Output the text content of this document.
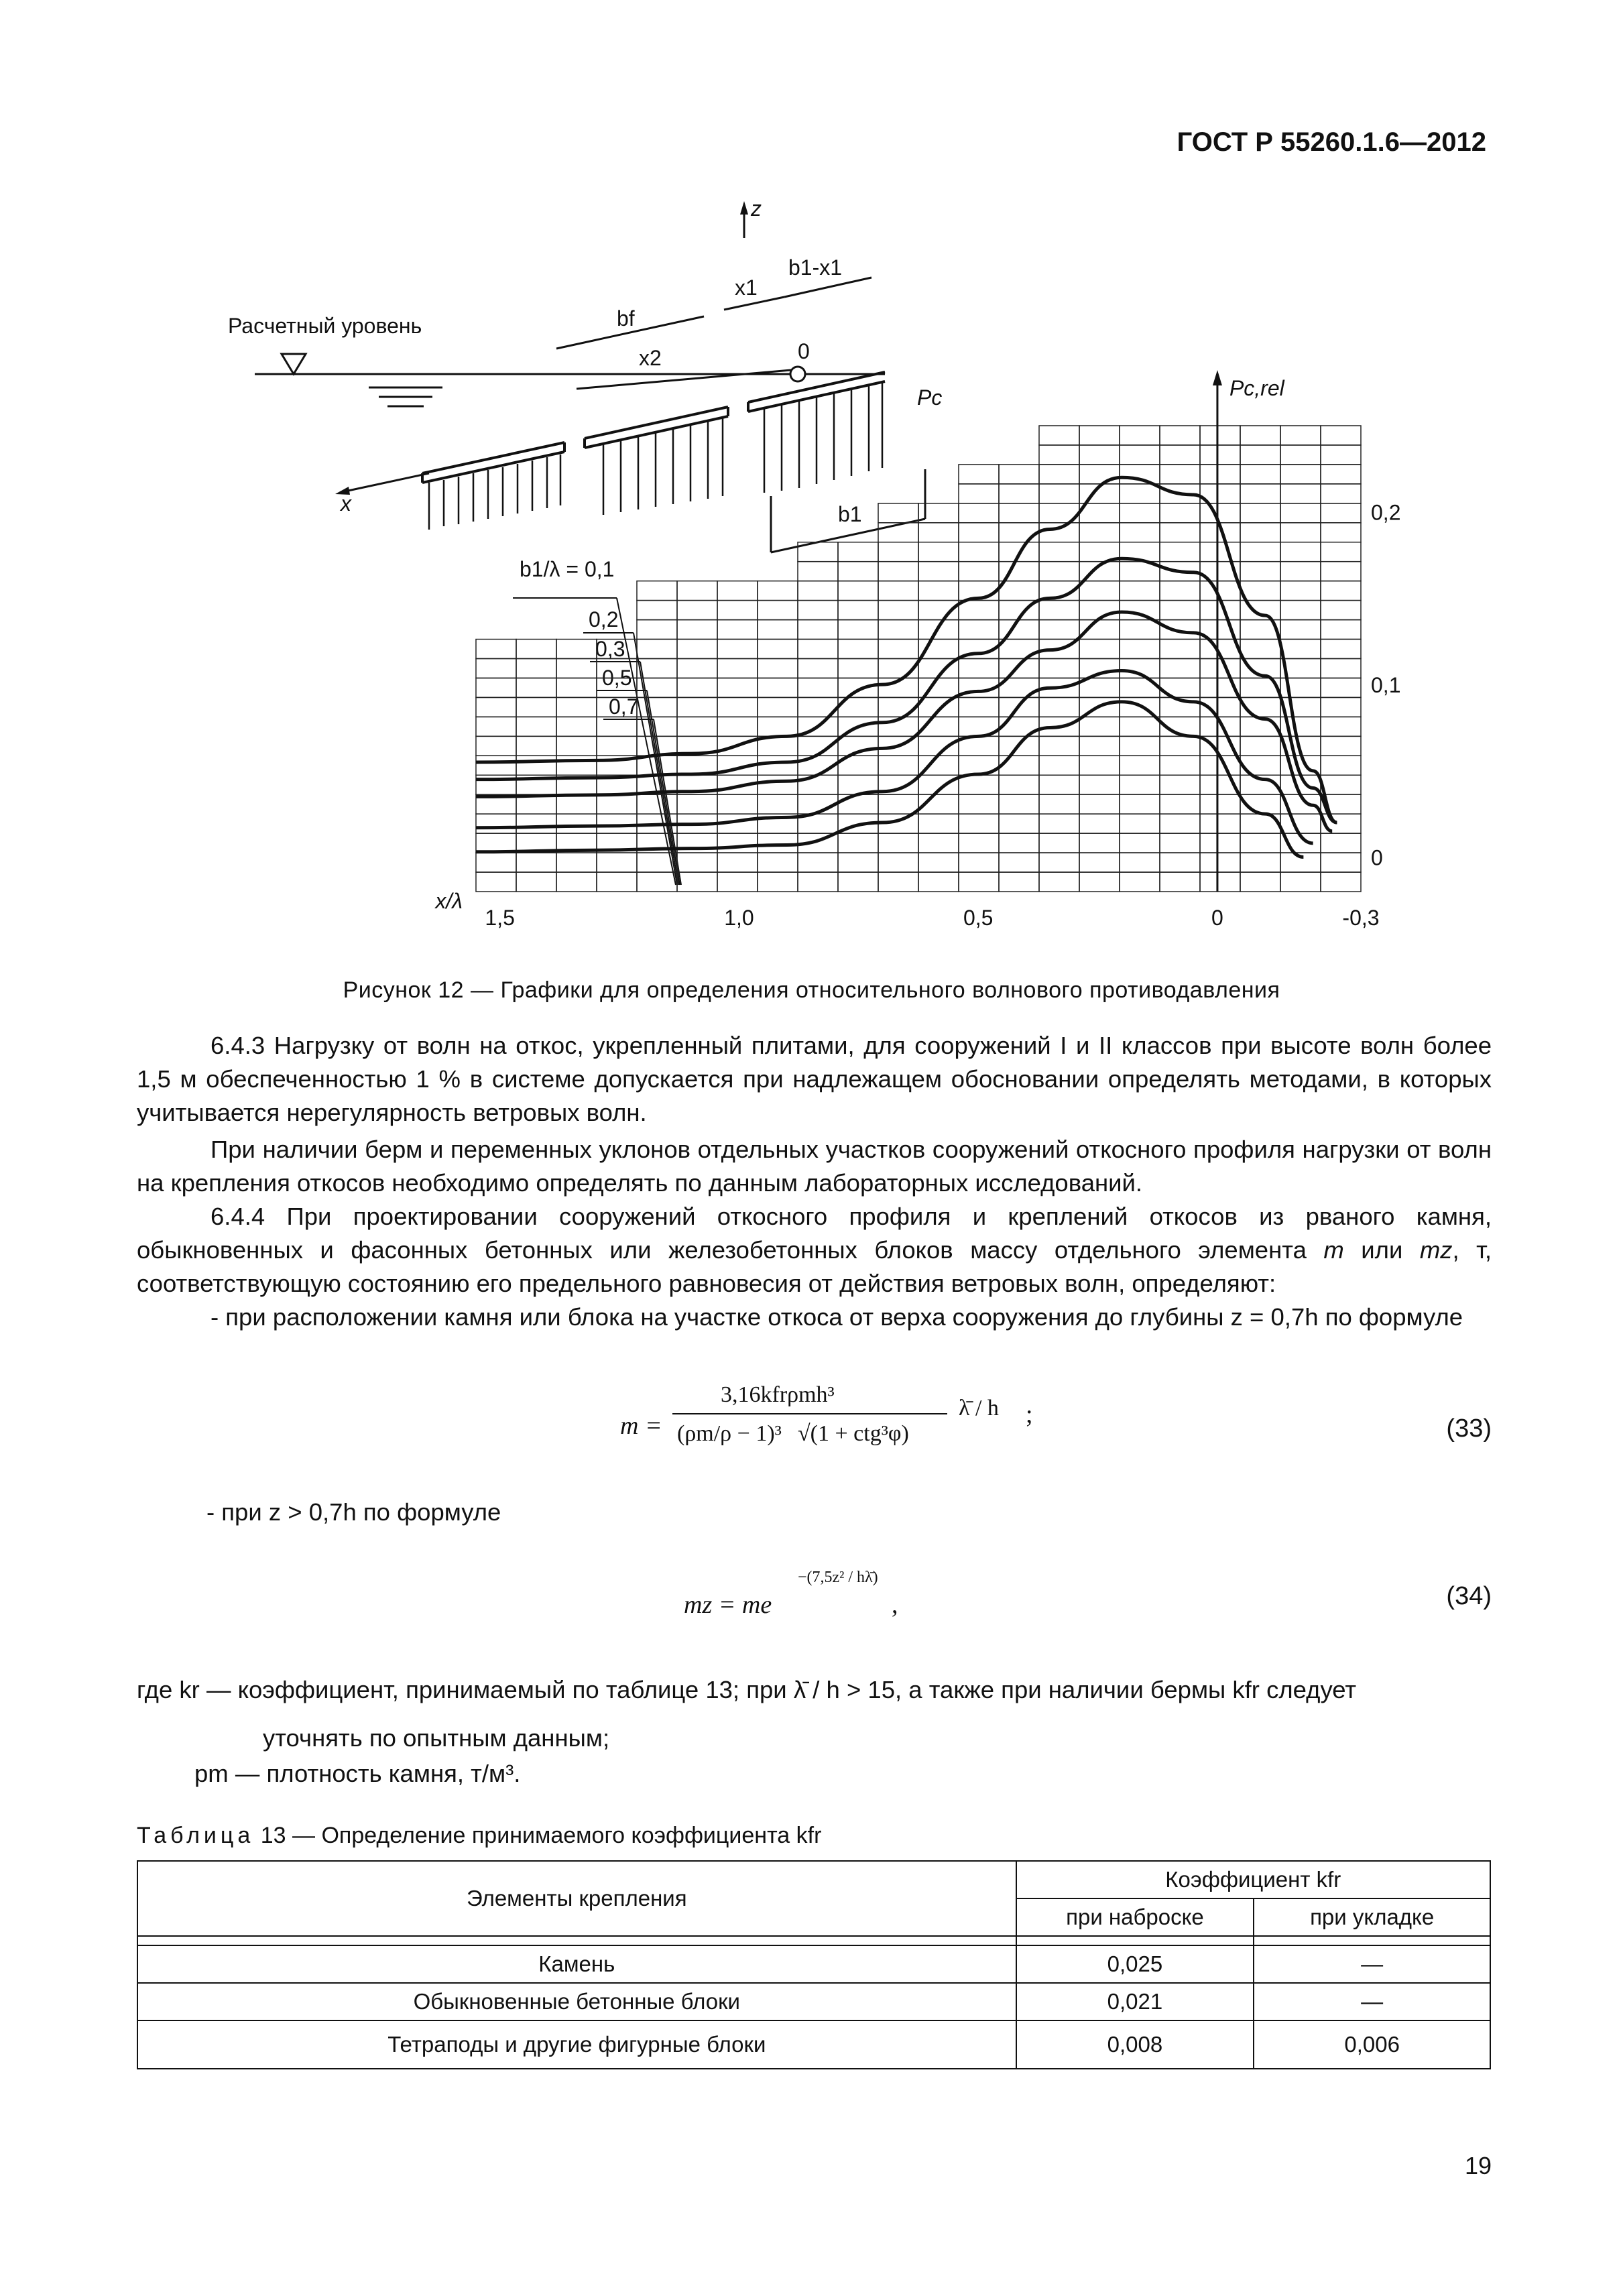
ГОСТ Р 55260.1.6—2012
Расчетный уровень
z
x
bf
x1
x2
b1-x1
0
Pc
b1
b1/λ = 0,1
0,2
0,3
0,5
0,7
Pc,rel
0
0,1
0,2
1,5	1,0	0,5	0	-0,3
x/λ
Рисунок 12 — Графики для определения относительного волнового противодавления
6.4.3 Нагрузку от волн на откос, укрепленный плитами, для сооружений I и II классов при высоте волн более 1,5 м обеспеченностью 1 % в системе допускается при надлежащем обосновании определять методами, в которых учитывается нерегулярность ветровых волн.
При наличии берм и переменных уклонов отдельных участков сооружений откосного профиля нагрузки от волн на крепления откосов необходимо определять по данным лабораторных исследований.
6.4.4 При проектировании сооружений откосного профиля и креплений откосов из рваного камня, обыкновенных и фасонных бетонных или железобетонных блоков массу отдельного элемента m или mz, т, соответствующую состоянию его предельного равновесия от действия ветровых волн, определяют:
- при расположении камня или блока на участке откоса от верха сооружения до глубины z = 0,7h по формуле
m =
3,16kfrρmh³
(ρm/ρ − 1)³ √(1 + ctg³φ)
λ̄ / h ;	(33)
- при z > 0,7h по формуле
mz = me
−(7,5z² / hλ̄)
,	(34)
где kr — коэффициент, принимаемый по таблице 13; при λ̄ / h > 15, а также при наличии бермы kfr следует
уточнять по опытным данным;
pm — плотность камня, т/м³.
Таблица 13 — Определение принимаемого коэффициента kfr
Элементы крепления	Коэффициент kfr	
	при наброске	при укладке

Камень	0,025	—
Обыкновенные бетонные блоки	0,021	—
Тетраподы и другие фигурные блоки	0,008	0,006
19
